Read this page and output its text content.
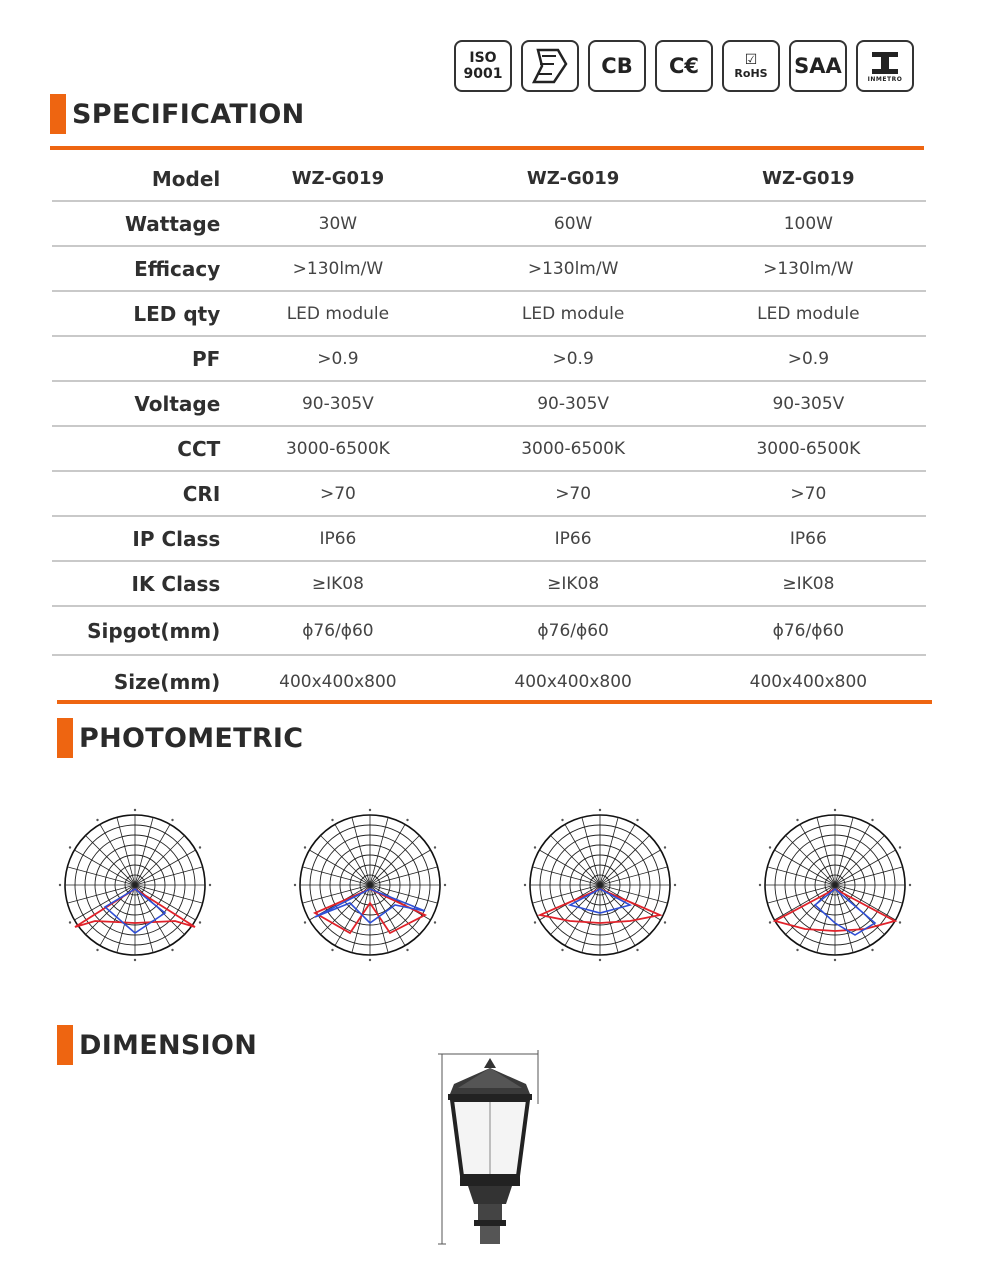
ISO
9001	CB C€	☑
RoHS SAA
INMETRO
SPECIFICATION
Model	WZ-G019	WZ-G019	WZ-G019
Wattage	30W	60W	100W
Efficacy	>130lm/W	>130lm/W	>130lm/W
LED qty	LED module	LED module	LED module
PF	>0.9	>0.9	>0.9
Voltage	90-305V	90-305V	90-305V
CCT	3000-6500K	3000-6500K	3000-6500K
CRI	>70	>70	>70
IP Class	IP66	IP66	IP66
IK Class	≥IK08	≥IK08	≥IK08
Sipgot(mm)	ϕ76/ϕ60	ϕ76/ϕ60	ϕ76/ϕ60
Size(mm)	400x400x800	400x400x800	400x400x800
PHOTOMETRIC
DIMENSION
